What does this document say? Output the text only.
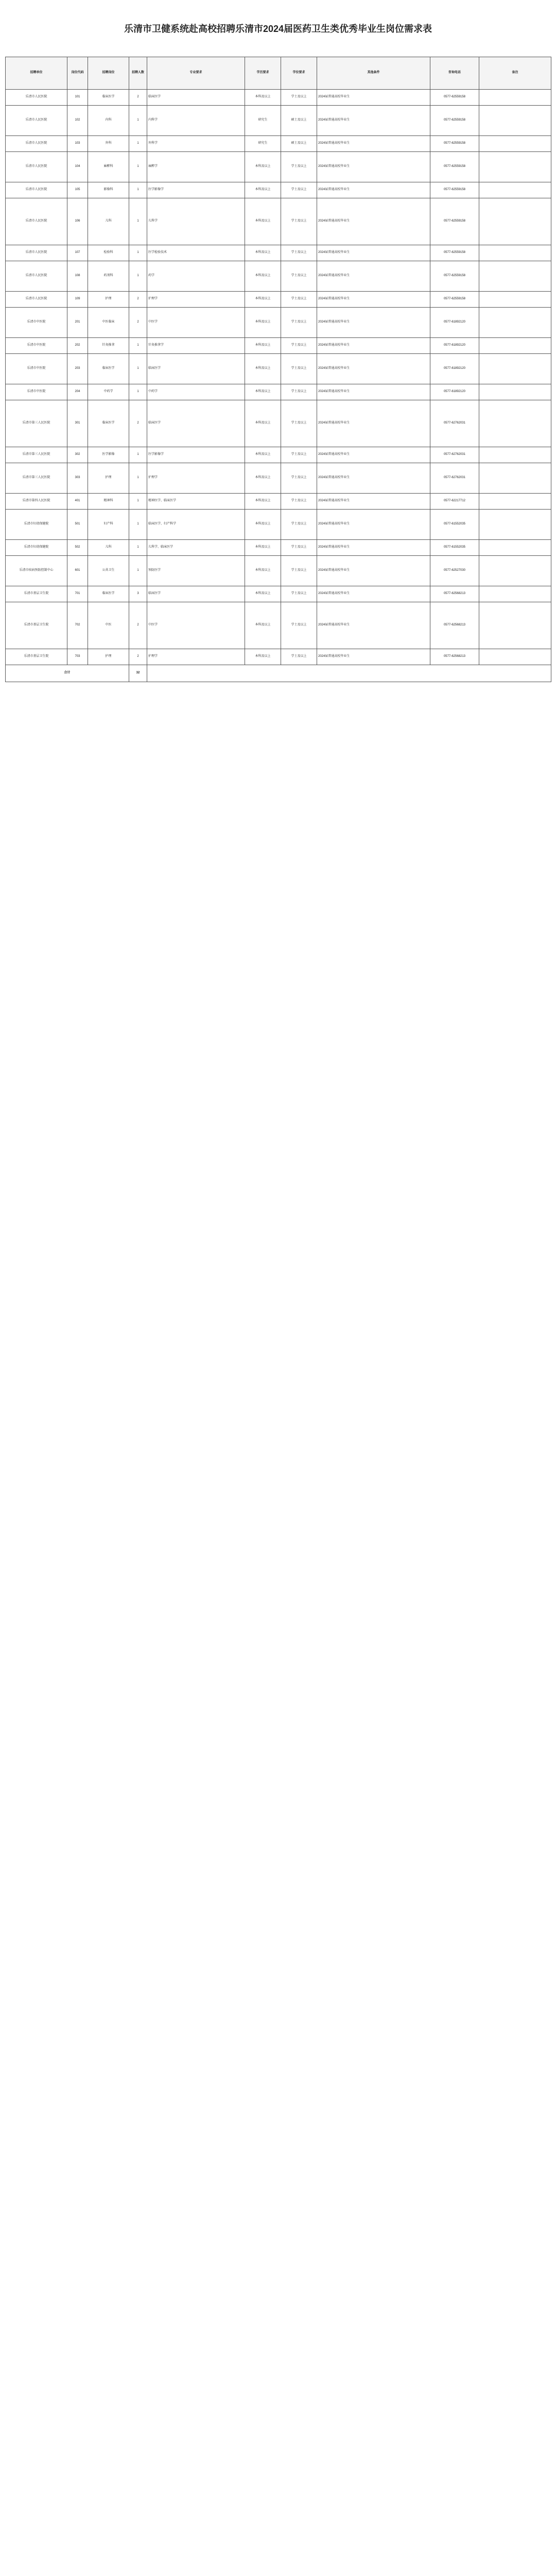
乐清市卫健系统赴高校招聘乐清市2024届医药卫生类优秀毕业生岗位需求表
招聘单位	岗位代码	招聘岗位	招聘人数	专业要求	学历要求	学位要求	其他条件	咨询电话	备注
乐清市人民医院	101	临床医学	2	临床医学	本科及以上	学士及以上	2024届普通高校毕业生	0577-62559158	
乐清市人民医院	102	内科	1	内科学	研究生	硕士及以上	2024届普通高校毕业生	0577-62559158	
乐清市人民医院	103	外科	1	外科学	研究生	硕士及以上	2024届普通高校毕业生	0577-62559158	
乐清市人民医院	104	麻醉科	1	麻醉学	本科及以上	学士及以上	2024届普通高校毕业生	0577-62559158	
乐清市人民医院	105	影像科	1	医学影像学	本科及以上	学士及以上	2024届普通高校毕业生	0577-62559158	
乐清市人民医院	106	儿科	1	儿科学	本科及以上	学士及以上	2024届普通高校毕业生	0577-62559158	
乐清市人民医院	107	检验科	1	医学检验技术	本科及以上	学士及以上	2024届普通高校毕业生	0577-62559158	
乐清市人民医院	108	药剂科	1	药学	本科及以上	学士及以上	2024届普通高校毕业生	0577-62559158	
乐清市人民医院	109	护理	2	护理学	本科及以上	学士及以上	2024届普通高校毕业生	0577-62559158	
乐清市中医院	201	中医临床	2	中医学	本科及以上	学士及以上	2024届普通高校毕业生	0577-61892120	
乐清市中医院	202	针灸推拿	1	针灸推拿学	本科及以上	学士及以上	2024届普通高校毕业生	0577-61892120	
乐清市中医院	203	临床医学	1	临床医学	本科及以上	学士及以上	2024届普通高校毕业生	0577-61892120	
乐清市中医院	204	中药学	1	中药学	本科及以上	学士及以上	2024届普通高校毕业生	0577-61892120	
乐清市第三人民医院	301	临床医学	2	临床医学	本科及以上	学士及以上	2024届普通高校毕业生	0577-62762031	
乐清市第三人民医院	302	医学影像	1	医学影像学	本科及以上	学士及以上	2024届普通高校毕业生	0577-62762031	
乐清市第三人民医院	303	护理	1	护理学	本科及以上	学士及以上	2024届普通高校毕业生	0577-62762031	
乐清市第四人民医院	401	精神科	1	精神医学、临床医学	本科及以上	学士及以上	2024届普通高校毕业生	0577-62217712	
乐清市妇幼保健院	501	妇产科	1	临床医学、妇产科学	本科及以上	学士及以上	2024届普通高校毕业生	0577-61552035	
乐清市妇幼保健院	502	儿科	1	儿科学、临床医学	本科及以上	学士及以上	2024届普通高校毕业生	0577-61552035	
乐清市疾病预防控制中心	601	公共卫生	1	预防医学	本科及以上	学士及以上	2024届普通高校毕业生	0577-62527030	
乐清市基层卫生院	701	临床医学	3	临床医学	本科及以上	学士及以上	2024届普通高校毕业生	0577-62568213	
乐清市基层卫生院	702	中医	2	中医学	本科及以上	学士及以上	2024届普通高校毕业生	0577-62568213	
乐清市基层卫生院	703	护理	2	护理学	本科及以上	学士及以上	2024届普通高校毕业生	0577-62568213	
合计			32						
